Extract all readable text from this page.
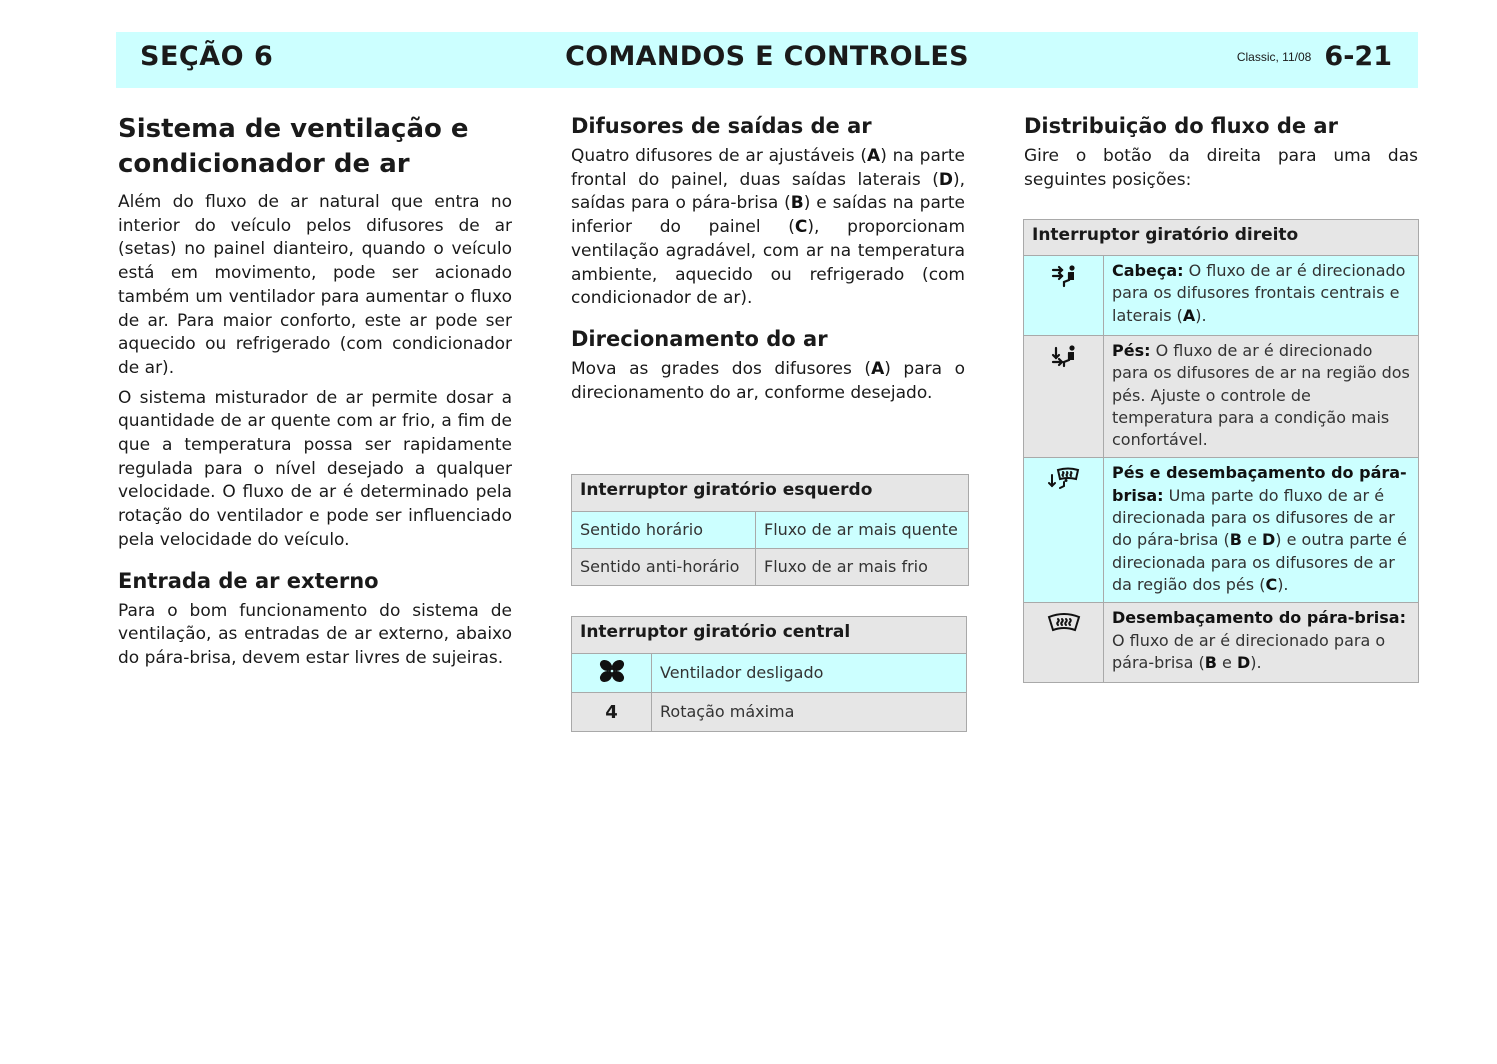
SEÇÃO 6	COMANDOS E CONTROLES	Classic, 11/08 6-21
Sistema de ventilação e condicionador de ar

Além do fluxo de ar natural que entra no interior do veículo pelos difusores de ar (setas) no painel dianteiro, quando o veículo está em movimento, pode ser acionado também um ventilador para aumentar o fluxo de ar. Para maior conforto, este ar pode ser aquecido ou refrigerado (com condicionador de ar).

O sistema misturador de ar permite dosar a quantidade de ar quente com ar frio, a fim de que a temperatura possa ser rapidamente regulada para o nível desejado a qualquer velocidade. O fluxo de ar é determinado pela rotação do ventilador e pode ser influenciado pela velocidade do veículo.

Entrada de ar externo

Para o bom funcionamento do sistema de ventilação, as entradas de ar externo, abaixo do pára-brisa, devem estar livres de sujeiras.

Difusores de saídas de ar

Quatro difusores de ar ajustáveis (A) na parte frontal do painel, duas saídas laterais (D), saídas para o pára-brisa (B) e saídas na parte inferior do painel (C), proporcionam ventilação agradável, com ar na temperatura ambiente, aquecido ou refrigerado (com condicionador de ar).

Direcionamento do ar

Mova as grades dos difusores (A) para o direcionamento do ar, conforme desejado.

Interruptor giratório esquerdo	
Sentido horário	Fluxo de ar mais quente
Sentido anti-horário	Fluxo de ar mais frio
Interruptor giratório central	
	Ventilador desligado
4	Rotação máxima
Distribuição do fluxo de ar

Gire o botão da direita para uma das seguintes posições:

Interruptor giratório direito	
	Cabeça: O fluxo de ar é direcionado para os difusores frontais centrais e laterais (A).
	Pés: O fluxo de ar é direcionado para os difusores de ar na região dos pés. Ajuste o controle de temperatura para a condição mais confortável.
	Pés e desembaçamento do pára-brisa: Uma parte do fluxo de ar é direcionada para os difusores de ar do pára-brisa (B e D) e outra parte é direcionada para os difusores de ar da região dos pés (C).
	Desembaçamento do pára-brisa: O fluxo de ar é direcionado para o pára-brisa (B e D).
